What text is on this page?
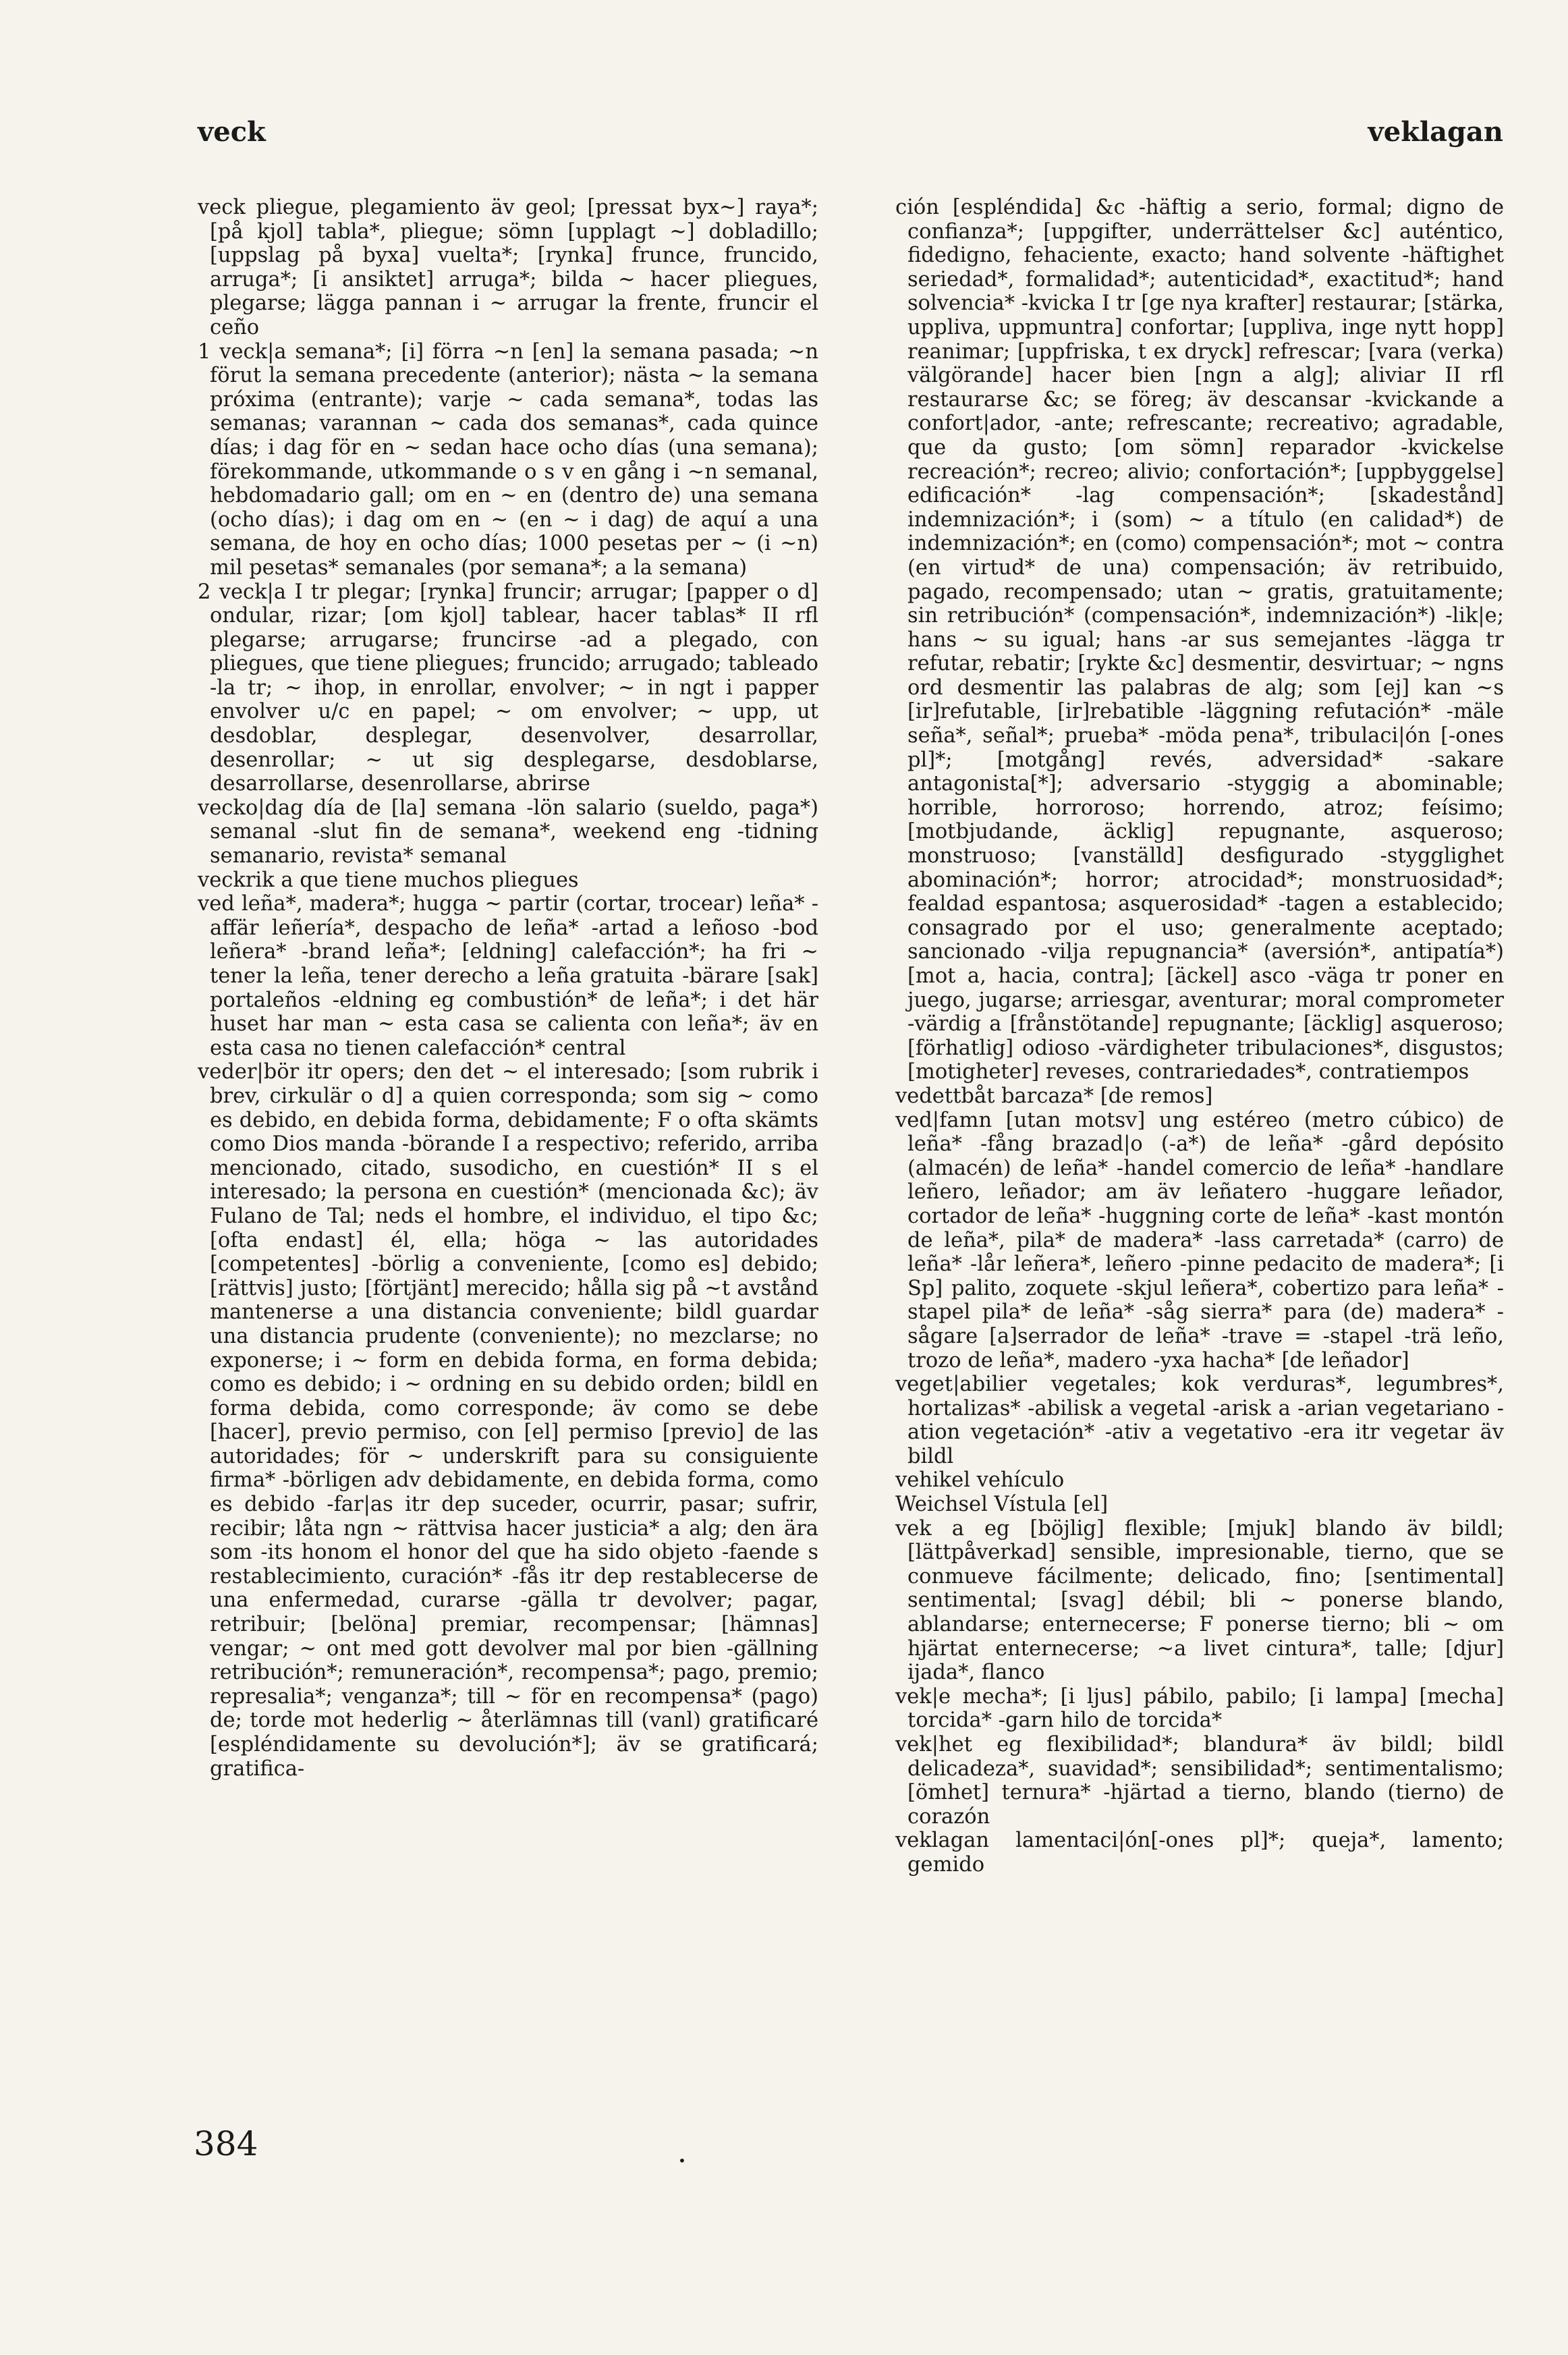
veck	veklagan
veck pliegue, plegamiento äv geol; [pressat byx~] raya*; [på kjol] tabla*, pliegue; sömn [upplagt ~] dobladillo; [uppslag på byxa] vuelta*; [rynka] frunce, fruncido, arruga*; [i ansiktet] arruga*; bilda ~ hacer pliegues, plegarse; lägga pannan i ~ arrugar la frente, fruncir el ceño
1 veck|a semana*; [i] förra ~n [en] la semana pasada; ~n förut la semana precedente (anterior); nästa ~ la semana próxima (entrante); varje ~ cada semana*, todas las semanas; varannan ~ cada dos semanas*, cada quince días; i dag för en ~ sedan hace ocho días (una semana); förekommande, utkommande o s v en gång i ~n semanal, hebdomadario gall; om en ~ en (dentro de) una semana (ocho días); i dag om en ~ (en ~ i dag) de aquí a una semana, de hoy en ocho días; 1000 pesetas per ~ (i ~n) mil pesetas* semanales (por semana*; a la semana)
2 veck|a I tr plegar; [rynka] fruncir; arrugar; [papper o d] ondular, rizar; [om kjol] tablear, hacer tablas* II rfl plegarse; arrugarse; fruncirse -ad a plegado, con pliegues, que tiene pliegues; fruncido; arrugado; tableado -la tr; ~ ihop, in enrollar, envolver; ~ in ngt i papper envolver u/c en papel; ~ om envolver; ~ upp, ut desdoblar, desplegar, desenvolver, desarrollar, desenrollar; ~ ut sig desplegarse, desdoblarse, desarrollarse, desenrollarse, abrirse
vecko|dag día de [la] semana -lön salario (sueldo, paga*) semanal -slut fin de semana*, weekend eng -tidning semanario, revista* semanal
veckrik a que tiene muchos pliegues
ved leña*, madera*; hugga ~ partir (cortar, trocear) leña* -affär leñería*, despacho de leña* -artad a leñoso -bod leñera* -brand leña*; [eldning] calefacción*; ha fri ~ tener la leña, tener derecho a leña gratuita -bärare [sak] portaleños -eldning eg combustión* de leña*; i det här huset har man ~ esta casa se calienta con leña*; äv en esta casa no tienen calefacción* central
veder|bör itr opers; den det ~ el interesado; [som rubrik i brev, cirkulär o d] a quien corresponda; som sig ~ como es debido, en debida forma, debidamente; F o ofta skämts como Dios manda -börande I a respectivo; referido, arriba mencionado, citado, susodicho, en cuestión* II s el interesado; la persona en cuestión* (mencionada &c); äv Fulano de Tal; neds el hombre, el individuo, el tipo &c; [ofta endast] él, ella; höga ~ las autoridades [competentes] -börlig a conveniente, [como es] debido; [rättvis] justo; [förtjänt] merecido; hålla sig på ~t avstånd mantenerse a una distancia conveniente; bildl guardar una distancia prudente (conveniente); no mezclarse; no exponerse; i ~ form en debida forma, en forma debida; como es debido; i ~ ordning en su debido orden; bildl en forma debida, como corresponde; äv como se debe [hacer], previo permiso, con [el] permiso [previo] de las autoridades; för ~ underskrift para su consiguiente firma* -börligen adv debidamente, en debida forma, como es debido -far|as itr dep suceder, ocurrir, pasar; sufrir, recibir; låta ngn ~ rättvisa hacer justicia* a alg; den ära som -its honom el honor del que ha sido objeto -faende s restablecimiento, curación* -fås itr dep restablecerse de una enfermedad, curarse -gälla tr devolver; pagar, retribuir; [belöna] premiar, recompensar; [hämnas] vengar; ~ ont med gott devolver mal por bien -gällning retribución*; remuneración*, recompensa*; pago, premio; represalia*; venganza*; till ~ för en recompensa* (pago) de; torde mot hederlig ~ återlämnas till (vanl) gratificaré [espléndidamente su devolución*]; äv se gratificará; gratifica-
ción [espléndida] &c -häftig a serio, formal; digno de confianza*; [uppgifter, underrättelser &c] auténtico, fidedigno, fehaciente, exacto; hand solvente -häftighet seriedad*, formalidad*; autenticidad*, exactitud*; hand solvencia* -kvicka I tr [ge nya krafter] restaurar; [stärka, uppliva, uppmuntra] confortar; [uppliva, inge nytt hopp] reanimar; [uppfriska, t ex dryck] refrescar; [vara (verka) välgörande] hacer bien [ngn a alg]; aliviar II rfl restaurarse &c; se föreg; äv descansar -kvickande a confort|ador, -ante; refrescante; recreativo; agradable, que da gusto; [om sömn] reparador -kvickelse recreación*; recreo; alivio; confortación*; [uppbyggelse] edificación* -lag compensación*; [skadestånd] indemnización*; i (som) ~ a título (en calidad*) de indemnización*; en (como) compensación*; mot ~ contra (en virtud* de una) compensación; äv retribuido, pagado, recompensado; utan ~ gratis, gratuitamente; sin retribución* (compensación*, indemnización*) -lik|e; hans ~ su igual; hans -ar sus semejantes -lägga tr refutar, rebatir; [rykte &c] desmentir, desvirtuar; ~ ngns ord desmentir las palabras de alg; som [ej] kan ~s [ir]refutable, [ir]rebatible -läggning refutación* -mäle seña*, señal*; prueba* -möda pena*, tribulaci|ón [-ones pl]*; [motgång] revés, adversidad* -sakare antagonista[*]; adversario -styggig a abominable; horrible, horroroso; horrendo, atroz; feísimo; [motbjudande, äcklig] repugnante, asqueroso; monstruoso; [vanställd] desfigurado -stygglighet abominación*; horror; atrocidad*; monstruosidad*; fealdad espantosa; asquerosidad* -tagen a establecido; consagrado por el uso; generalmente aceptado; sancionado -vilja repugnancia* (aversión*, antipatía*) [mot a, hacia, contra]; [äckel] asco -väga tr poner en juego, jugarse; arriesgar, aventurar; moral comprometer -värdig a [frånstötande] repugnante; [äcklig] asqueroso; [förhatlig] odioso -värdigheter tribulaciones*, disgustos; [motigheter] reveses, contrariedades*, contratiempos
vedettbåt barcaza* [de remos]
ved|famn [utan motsv] ung estéreo (metro cúbico) de leña* -fång brazad|o (-a*) de leña* -gård depósito (almacén) de leña* -handel comercio de leña* -handlare leñero, leñador; am äv leñatero -huggare leñador, cortador de leña* -huggning corte de leña* -kast montón de leña*, pila* de madera* -lass carretada* (carro) de leña* -lår leñera*, leñero -pinne pedacito de madera*; [i Sp] palito, zoquete -skjul leñera*, cobertizo para leña* -stapel pila* de leña* -såg sierra* para (de) madera* -sågare [a]serrador de leña* -trave = -stapel -trä leño, trozo de leña*, madero -yxa hacha* [de leñador]
veget|abilier vegetales; kok verduras*, legumbres*, hortalizas* -abilisk a vegetal -arisk a -arian vegetariano -ation vegetación* -ativ a vegetativo -era itr vegetar äv bildl
vehikel vehículo
Weichsel Vístula [el]
vek a eg [böjlig] flexible; [mjuk] blando äv bildl; [lättpåverkad] sensible, impresionable, tierno, que se conmueve fácilmente; delicado, fino; [sentimental] sentimental; [svag] débil; bli ~ ponerse blando, ablandarse; enternecerse; F ponerse tierno; bli ~ om hjärtat enternecerse; ~a livet cintura*, talle; [djur] ijada*, flanco
vek|e mecha*; [i ljus] pábilo, pabilo; [i lampa] [mecha] torcida* -garn hilo de torcida*
vek|het eg flexibilidad*; blandura* äv bildl; bildl delicadeza*, suavidad*; sensibilidad*; sentimentalismo; [ömhet] ternura* -hjärtad a tierno, blando (tierno) de corazón
veklagan lamentaci|ón[-ones pl]*; queja*, lamento; gemido
384	•
